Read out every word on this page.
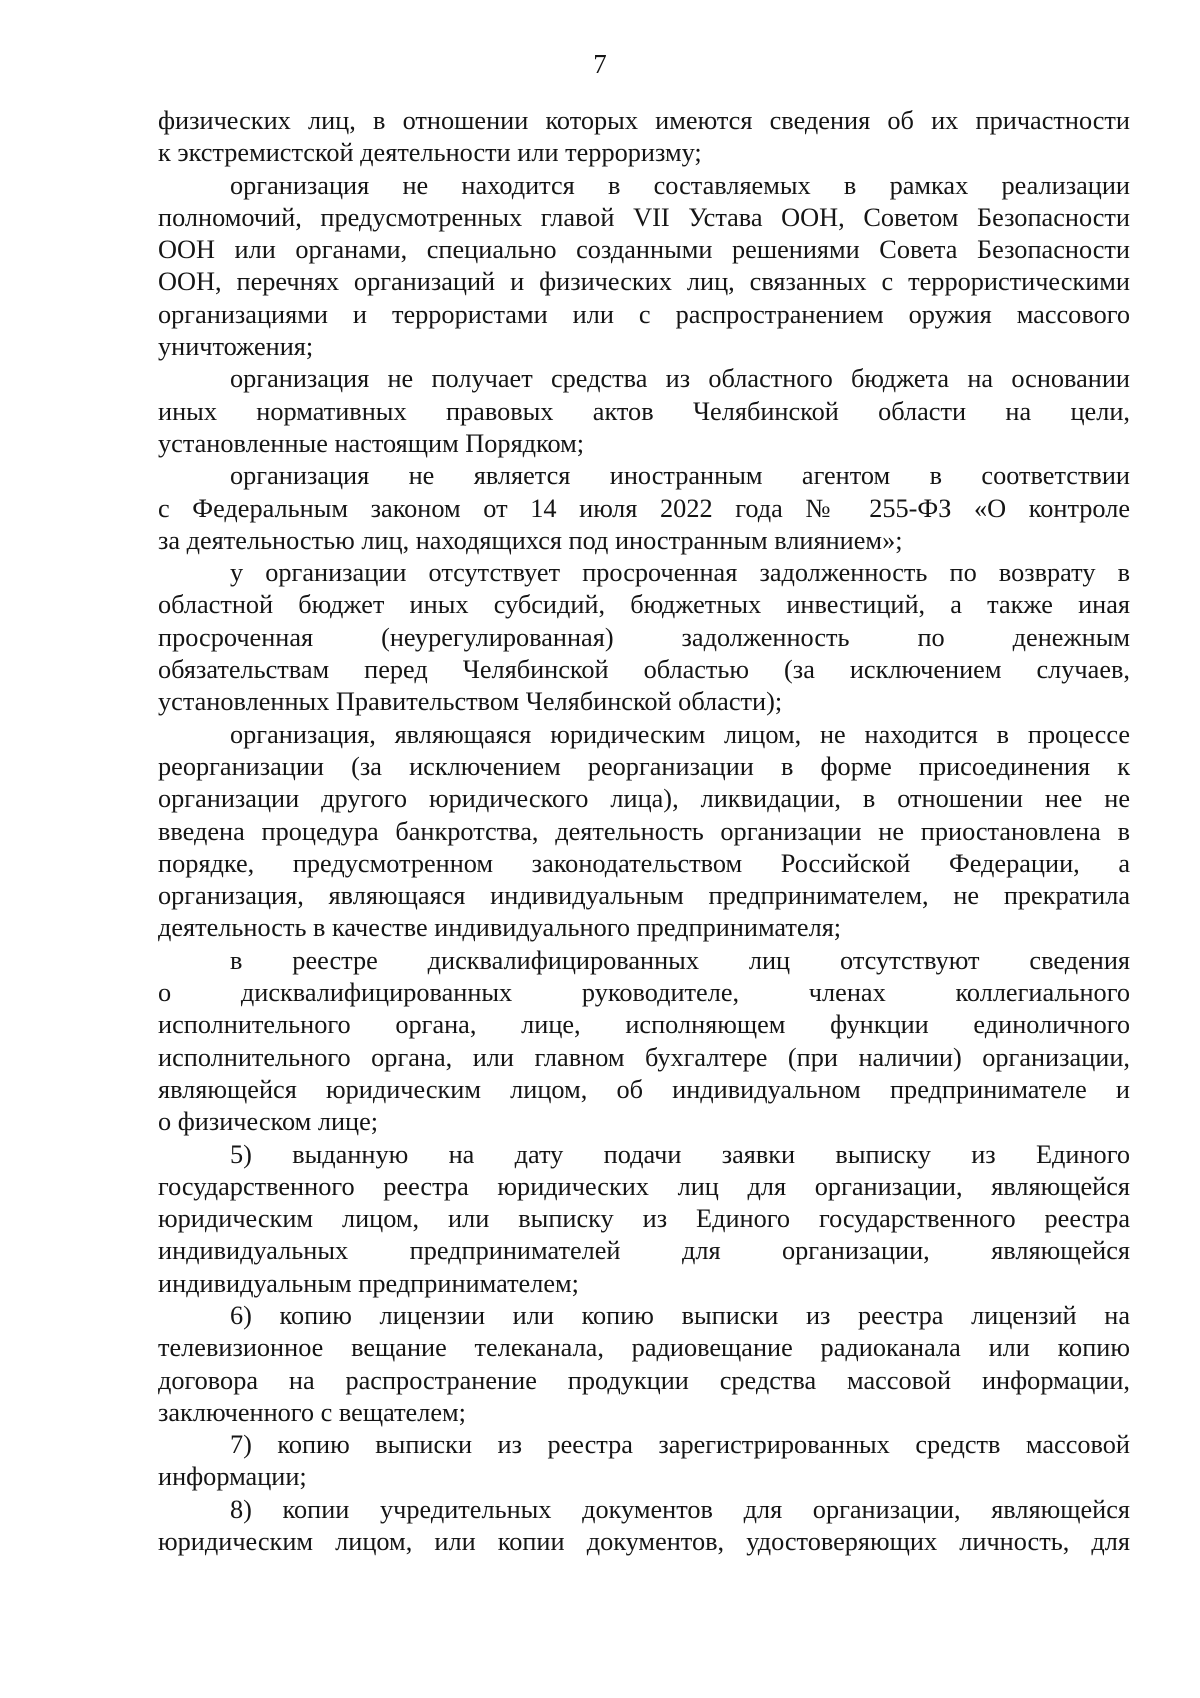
7
физических лиц, в отношении которых имеются сведения об их причастности
к экстремистской деятельности или терроризму;
организация не находится в составляемых в рамках реализации
полномочий, предусмотренных главой VII Устава ООН, Советом Безопасности
ООН или органами, специально созданными решениями Совета Безопасности
ООН, перечнях организаций и физических лиц, связанных с террористическими
организациями и террористами или с распространением оружия массового
уничтожения;
организация не получает средства из областного бюджета на основании
иных нормативных правовых актов Челябинской области на цели,
установленные настоящим Порядком;
организация не является иностранным агентом в соответствии
с Федеральным законом от 14 июля 2022 года № 255-ФЗ «О контроле
за деятельностью лиц, находящихся под иностранным влиянием»;
у организации отсутствует просроченная задолженность по возврату в
областной бюджет иных субсидий, бюджетных инвестиций, а также иная
просроченная (неурегулированная) задолженность по денежным
обязательствам перед Челябинской областью (за исключением случаев,
установленных Правительством Челябинской области);
организация, являющаяся юридическим лицом, не находится в процессе
реорганизации (за исключением реорганизации в форме присоединения к
организации другого юридического лица), ликвидации, в отношении нее не
введена процедура банкротства, деятельность организации не приостановлена в
порядке, предусмотренном законодательством Российской Федерации, а
организация, являющаяся индивидуальным предпринимателем, не прекратила
деятельность в качестве индивидуального предпринимателя;
в реестре дисквалифицированных лиц отсутствуют сведения
о дисквалифицированных руководителе, членах коллегиального
исполнительного органа, лице, исполняющем функции единоличного
исполнительного органа, или главном бухгалтере (при наличии) организации,
являющейся юридическим лицом, об индивидуальном предпринимателе и
о физическом лице;
5) выданную на дату подачи заявки выписку из Единого
государственного реестра юридических лиц для организации, являющейся
юридическим лицом, или выписку из Единого государственного реестра
индивидуальных предпринимателей для организации, являющейся
индивидуальным предпринимателем;
6) копию лицензии или копию выписки из реестра лицензий на
телевизионное вещание телеканала, радиовещание радиоканала или копию
договора на распространение продукции средства массовой информации,
заключенного с вещателем;
7) копию выписки из реестра зарегистрированных средств массовой
информации;
8) копии учредительных документов для организации, являющейся
юридическим лицом, или копии документов, удостоверяющих личность, для
